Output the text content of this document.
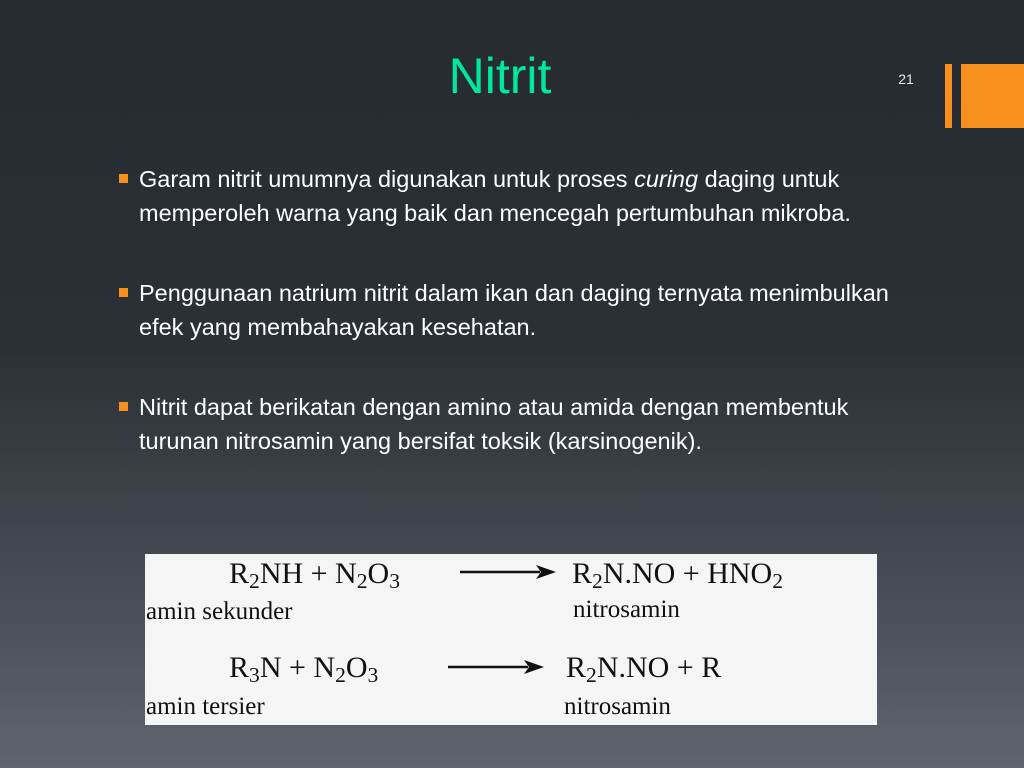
Nitrit	21
Garam nitrit umumnya digunakan untuk proses curing daging untuk memperoleh warna yang baik dan mencegah pertumbuhan mikroba.
Penggunaan natrium nitrit dalam ikan dan daging ternyata menimbulkan efek yang membahayakan kesehatan.
Nitrit dapat berikatan dengan amino atau amida dengan membentuk turunan nitrosamin yang bersifat toksik (karsinogenik).
$R_2NH + N_2O_3$	$R_2N.NO + HNO_2$
amin sekunder	nitrosamin
$R_3N + N_2O_3$	$R_2N.NO + R$
amin tersier	nitrosamin
